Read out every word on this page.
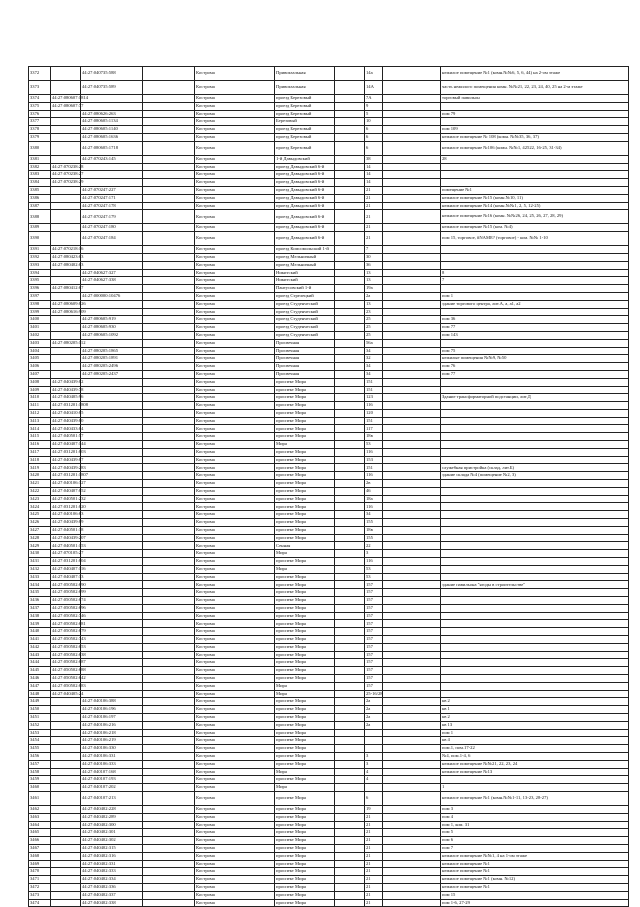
3372		44:27:040735:588		Кострома	Привокзальная		14а		нежилое помещение №1 (комн.№№6, 5, 6, 44) на 2-ом этаже
3373		44:27:040735:589		Кострома	Привокзальная		14А		часть нежилого помещения комн. №№21, 22, 23, 24, 40, 25 на 2-м этаже
3374	44:27:080607:1814			Кострома	проезд Березовый		7А		торговый павильон
3375	44:27:080607:77			Кострома	проезд Березовый		9		
3376		44:27:080626:263		Кострома	проезд Березовый		5		пом 79
3377		44:27:080605:1134		Кострома	Березовый		10		
3378		44:27:080605:1140		Кострома	проезд Березовый		6		пом 109
3379		44:27:080605:1636		Кострома	проезд Березовый		6		нежилое помещение № 108 (комн. №№35, 36, 37)
3380		44:27:080605:1718		Кострома	проезд Березовый		6		нежилое помещение №106 (комн. №№1, 42522, 16-25, 31-34)
3381		44:27:070243:145		Кострома	1-й Давыдовский		38		28
3382	44:27:070238:28			Кострома	проезд Давыдовский 6-й		14		
3383	44:27:070238:27			Кострома	проезд Давыдовский 6-й		14		
3384	44:27:070238:29			Кострома	проезд Давыдовский 6-й		14		
3385		44:27:070247:227		Кострома	проезд Давыдовский 6-й		21		помещение №1
3386		44:27:070247:171		Кострома	проезд Давыдовский 6-й		21		нежилое помещение №15 (комн.№10, 11)
3387		44:27:070247:178		Кострома	проезд Давыдовский 6-й		21		нежилое помещение №14 (комн.№№1, 2, 5, 12-25)
3388		44:27:070247:179		Кострома	проезд Давыдовский 6-й		21		нежилое помещение №16 (комн. №№26, 24, 25, 26, 27, 28, 29)
3389		44:27:070247:180		Кострома	проезд Давыдовский 6-й		21		нежилое помещение №15 (ком. №4)
3390		44:27:070247:184		Кострома	проезд Давыдовский 6-й		21		пом 15, торговое, #NAME? (торговое) - ком. №№ 1-10
3391	44:27:070218:16			Кострома	проезд Комсомольский 1-й		7		
3392	44:27:080423:63			Кострома	проезд Мельничный		30		
3393	44:27:080402:63			Кострома	проезд Мельничный		36		
3394		44:27:040627:327		Кострома	Никитский		13		8
3395		44:27:040627:338		Кострома	Никитский		13		7
3396	44:27:080412:67			Кострома	Пантусовский 1-й		19а		
3397		44:27:000000:10476		Кострома	проезд Стрелецкий		2а		пом 1
3398	44:27:080609:826			Кострома	проезд Студенческий		13		здание торгового центра, лит.А, а, а1, а2
3399	44:27:080616:909			Кострома	проезд Студенческий		23		
3400		44:27:080605:919		Кострома	проезд Студенческий		25		пом 36
3401		44:27:080605:930		Кострома	проезд Студенческий		25		пом 77
3402		44:27:080605:1092		Кострома	проезд Студенческий		25		пом 143
3403	44:27:080205:112			Кострома	Просвечная		56а		
3404		44:27:080205:1865		Кострома	Просвечная		34		пом 75
3405		44:27:080205:1891		Кострома	Просвечная		32		нежилые помещения №№9, №50
3406		44:27:080205:2496		Кострома	Просвечная		34		пом 76
3407		44:27:080205:2437		Кострома	Просвечная		34		пом 77
3408	44:27:040439:82			Кострома	проспект Мира		151		
3409	44:27:040439:78			Кострома	проспект Мира		151		
3410	44:27:040405:96			Кострома	проспект Мира		123		Здание трансформаторной подстанции, лит.Д
3411	44:27:031201:1808			Кострома	проспект Мира		116		
3412	44:27:040410:85			Кострома	проспект Мира		120		
3413	44:27:040439:80			Кострома	проспект Мира		151		
3414	44:27:040433:84			Кострома	проспект Мира		117		
3415	44:27:040501:57			Кострома	проспект Мира		18в		
3416	44:27:040407:144			Кострома	Мира		53		
3417	44:27:031201:803			Кострома	проспект Мира		116		
3418	44:27:040439:87			Кострома	проспект Мира		153		
3419	44:27:040439:283			Кострома	проспект Мира		151		служебная пристройка (склад, лит.Б)
3420	44:27:031201:1807			Кострома	проспект Мира		116		здание склада №4 (помещение №2, 3)
3421	44:27:040106:327			Кострома	проспект Мира		2в		
3422	44:27:040407:852			Кострома	проспект Мира		46		
3423	44:27:040501:232			Кострома	проспект Мира		18а		
3424	44:27:031201:820			Кострома	проспект Мира		116		
3425	44:27:040106:63			Кострома	проспект Мира		34		
3426	44:27:040439:89			Кострома	проспект Мира		155		
3427	44:27:040501:38			Кострома	проспект Мира		18в		
3428	44:27:040439:207			Кострома	проспект Мира		155		
3429	44:27:040501:153			Кострома	Сенная		22		
3430	44:27:070105:27			Кострома	Мира		3		
3431	44:27:031201:804			Кострома	проспект Мира		116		
3432	44:27:040407:116			Кострома	Мира		53		
3433	44:27:040407:33			Кострома	проспект Мира		53		
3434	44:27:050502:690			Кострома	проспект Мира		157		здание павильона "ягоды в строительстве"
3435	44:27:050502:699			Кострома	проспект Мира		157		
3436	44:27:050502:674			Кострома	проспект Мира		157		
3437	44:27:050502:696			Кострома	проспект Мира		157		
3438	44:27:050502:746			Кострома	проспект Мира		157		
3439	44:27:050502:681			Кострома	проспект Мира		157		
3440	44:27:050502:679			Кострома	проспект Мира		157		
3441	44:27:050502:743			Кострома	проспект Мира		157		
3442	44:27:050502:653			Кострома	проспект Мира		157		
3443	44:27:050502:638			Кострома	проспект Мира		157		
3444	44:27:050502:687			Кострома	проспект Мира		157		
3445	44:27:050502:688			Кострома	проспект Мира		157		
3446	44:27:050502:642			Кострома	проспект Мира		157		
3447	44:27:050502:683			Кострома	Мира		157		
3448	44:27:040405:24			Кострома	Мира		25-16/28		
3449		44:27:040106:388		Кострома	проспект Мира		2а		кв 2
3450		44:27:040106:196		Кострома	проспект Мира		2а		кв 1
3451		44:27:040106:197		Кострома	проспект Мира		2а		кв 2
3452		44:27:040106:216		Кострома	проспект Мира		2а		кв 13
3453		44:27:040106:218		Кострома	проспект Мира				пом 1
3454		44:27:040106:219		Кострома	проспект Мира				кв 4
3455		44:27:040106:330		Кострома	проспект Мира				пом.1, пом.17-22
3456		44:27:040106:331		Кострома	проспект Мира		3		№4, пом.1-4, 6
3457		44:27:040106:333		Кострома	проспект Мира		3		нежилое помещение №№21, 22, 23, 24
3458		44:27:040107:168		Кострома	Мира		4		нежилое помещение №13
3459		44:27:040107:193		Кострома	проспект Мира		4		
3460		44:27:040107:202		Кострома	Мира				1
3461		44:27:040107:213		Кострома	проспект Мира		6		нежилое помещение №1 (комн.№№1-11, 13-23, 28-27)
3462		44:27:040402:228		Кострома	проспект Мира		19		пом 3
3463		44:27:040402:289		Кострома	проспект Мира		21		пом 4
3464		44:27:040402:300		Кострома	проспект Мира		21		пом 1, ком. 31
3465		44:27:040402:301		Кострома	проспект Мира		21		пом 5
3466		44:27:040402:302		Кострома	проспект Мира		21		пом 6
3467		44:27:040402:315		Кострома	проспект Мира		21		пом 7
3468		44:27:040402:316		Кострома	проспект Мира		21		нежилое помещение №№1, 4 на 1-ом этаже
3469		44:27:040402:331		Кострома	проспект Мира		21		нежилое помещение №1
3470		44:27:040402:333		Кострома	проспект Мира		21		нежилое помещение №1
3471		44:27:040402:334		Кострома	проспект Мира		21		нежилое помещение №1 (комн. №12)
3472		44:27:040402:336		Кострома	проспект Мира		21		нежилое помещение №1
3473		44:27:040402:337		Кострома	проспект Мира		21		пом 15
3474		44:27:040402:338		Кострома	проспект Мира		21		пом 1-6, 27-29
